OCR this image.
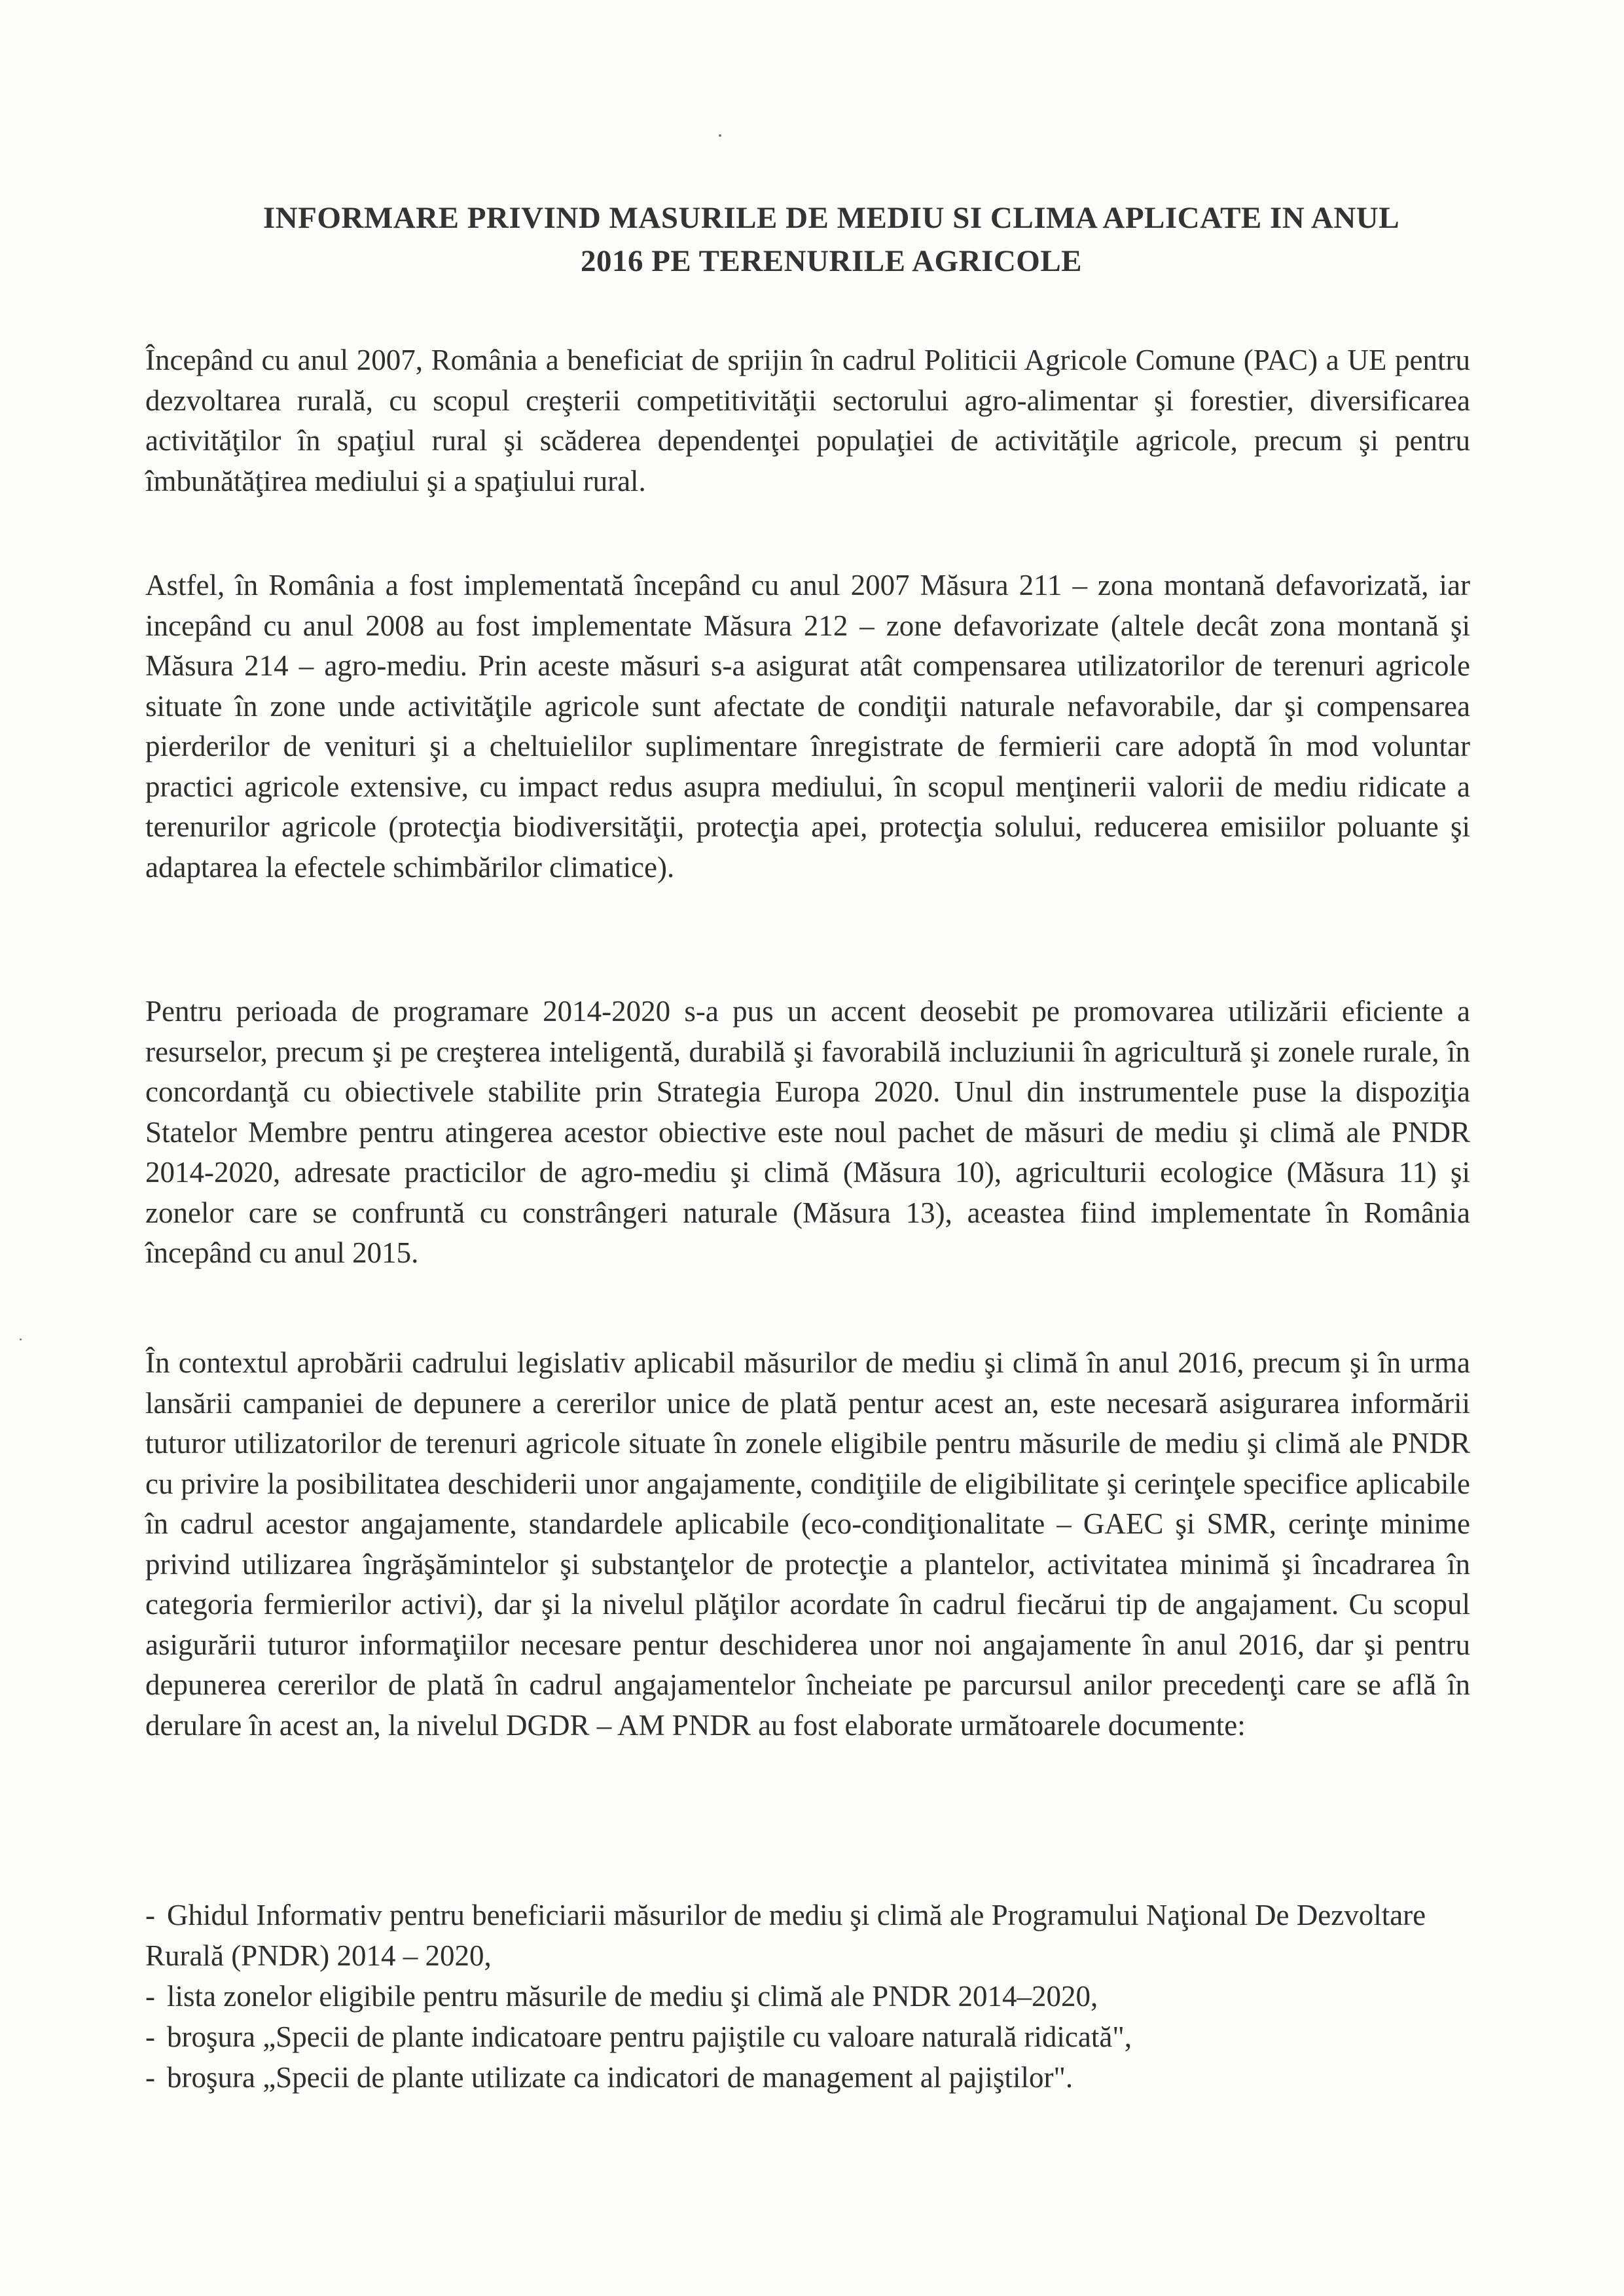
INFORMARE PRIVIND MASURILE DE MEDIU SI CLIMA APLICATE IN ANUL
2016 PE TERENURILE AGRICOLE
Începând cu anul 2007, România a beneficiat de sprijin în cadrul Politicii Agricole Comune (PAC) a UE pentru dezvoltarea rurală, cu scopul creşterii competitivităţii sectorului agro-alimentar şi forestier, diversificarea activităţilor în spaţiul rural şi scăderea dependenţei populaţiei de activităţile agricole, precum şi pentru îmbunătăţirea mediului şi a spaţiului rural.
Astfel, în România a fost implementată începând cu anul 2007 Măsura 211 – zona montană defavorizată, iar incepând cu anul 2008 au fost implementate Măsura 212 – zone defavorizate (altele decât zona montană şi Măsura 214 – agro-mediu. Prin aceste măsuri s-a asigurat atât compensarea utilizatorilor de terenuri agricole situate în zone unde activităţile agricole sunt afectate de condiţii naturale nefavorabile, dar şi compensarea pierderilor de venituri şi a cheltuielilor suplimentare înregistrate de fermierii care adoptă în mod voluntar practici agricole extensive, cu impact redus asupra mediului, în scopul menţinerii valorii de mediu ridicate a terenurilor agricole (protecţia biodiversităţii, protecţia apei, protecţia solului, reducerea emisiilor poluante şi adaptarea la efectele schimbărilor climatice).
Pentru perioada de programare 2014-2020 s-a pus un accent deosebit pe promovarea utilizării eficiente a resurselor, precum şi pe creşterea inteligentă, durabilă şi favorabilă incluziunii în agricultură şi zonele rurale, în concordanţă cu obiectivele stabilite prin Strategia Europa 2020. Unul din instrumentele puse la dispoziţia Statelor Membre pentru atingerea acestor obiective este noul pachet de măsuri de mediu şi climă ale PNDR 2014-2020, adresate practicilor de agro-mediu şi climă (Măsura 10), agriculturii ecologice (Măsura 11) şi zonelor care se confruntă cu constrângeri naturale (Măsura 13), aceastea fiind implementate în România începând cu anul 2015.
În contextul aprobării cadrului legislativ aplicabil măsurilor de mediu şi climă în anul 2016, precum şi în urma lansării campaniei de depunere a cererilor unice de plată pentur acest an, este necesară asigurarea informării tuturor utilizatorilor de terenuri agricole situate în zonele eligibile pentru măsurile de mediu şi climă ale PNDR cu privire la posibilitatea deschiderii unor angajamente, condiţiile de eligibilitate şi cerinţele specifice aplicabile în cadrul acestor angajamente, standardele aplicabile (eco-condiţionalitate – GAEC şi SMR, cerinţe minime privind utilizarea îngrăşămintelor şi substanţelor de protecţie a plantelor, activitatea minimă şi încadrarea în categoria fermierilor activi), dar şi la nivelul plăţilor acordate în cadrul fiecărui tip de angajament. Cu scopul asigurării tuturor informaţiilor necesare pentur deschiderea unor noi angajamente în anul 2016, dar şi pentru depunerea cererilor de plată în cadrul angajamentelor încheiate pe parcursul anilor precedenţi care se află în derulare în acest an, la nivelul DGDR – AM PNDR au fost elaborate următoarele documente:
- Ghidul Informativ pentru beneficiarii măsurilor de mediu şi climă ale Programului Naţional De Dezvoltare Rurală (PNDR) 2014 – 2020,
- lista zonelor eligibile pentru măsurile de mediu şi climă ale PNDR 2014–2020,
- broşura „Specii de plante indicatoare pentru pajiştile cu valoare naturală ridicată",
- broşura „Specii de plante utilizate ca indicatori de management al pajiştilor".
